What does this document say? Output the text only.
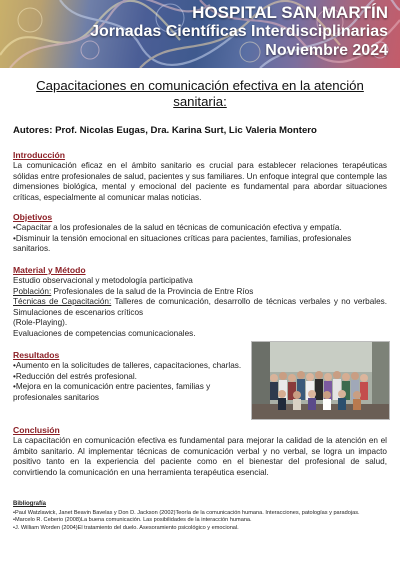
HOSPITAL SAN MARTÍN
Jornadas Científicas Interdisciplinarias
Noviembre 2024
Capacitaciones en comunicación efectiva en la atención sanitaria:
Autores: Prof. Nicolas Eugas, Dra. Karina Surt, Lic Valeria Montero
Introducción
La comunicación eficaz en el ámbito sanitario es crucial para establecer relaciones terapéuticas sólidas entre profesionales de salud, pacientes y sus familiares. Un enfoque integral que contemple las dimensiones biológica, mental y emocional del paciente es fundamental para abordar situaciones críticas, especialmente al comunicar malas noticias.
Objetivos
•Capacitar a los profesionales de la salud en técnicas de comunicación efectiva y empatía.
•Disminuir la tensión emocional en situaciones críticas para pacientes, familias, profesionales sanitarios.
Material y Método
Estudio observacional y metodología participativa
Población: Profesionales de la salud de la Provincia de Entre Ríos
Técnicas de Capacitación: Talleres de comunicación, desarrollo de técnicas verbales y no verbales. Simulaciones de escenarios críticos
(Role-Playing).
Evaluaciones de competencias comunicacionales.
Resultados
•Aumento en la solicitudes de talleres, capacitaciones, charlas.
•Reducción del estrés profesional.
•Mejora en la comunicación entre pacientes, familias y profesionales sanitarios
Conclusión
La capacitación en comunicación efectiva es fundamental para mejorar la calidad de la atención en el ámbito sanitario. Al implementar técnicas de comunicación verbal y no verbal, se logra un impacto positivo tanto en la experiencia del paciente como en el bienestar del profesional de salud, convirtiendo la comunicación en una herramienta terapéutica esencial.
Bibliografía
•Paul Watzlawick, Janet Beavin Bavelas y Don D. Jackson (2002)Teoría de la comunicación humana. Interacciones, patologías y paradojas.
•Marcelo R. Ceberio (2008)La buena comunicación. Las posibilidades de la interacción humana.
•J. William Worden (2004)El tratamiento del duelo. Asesoramiento psicológico y emocional.
